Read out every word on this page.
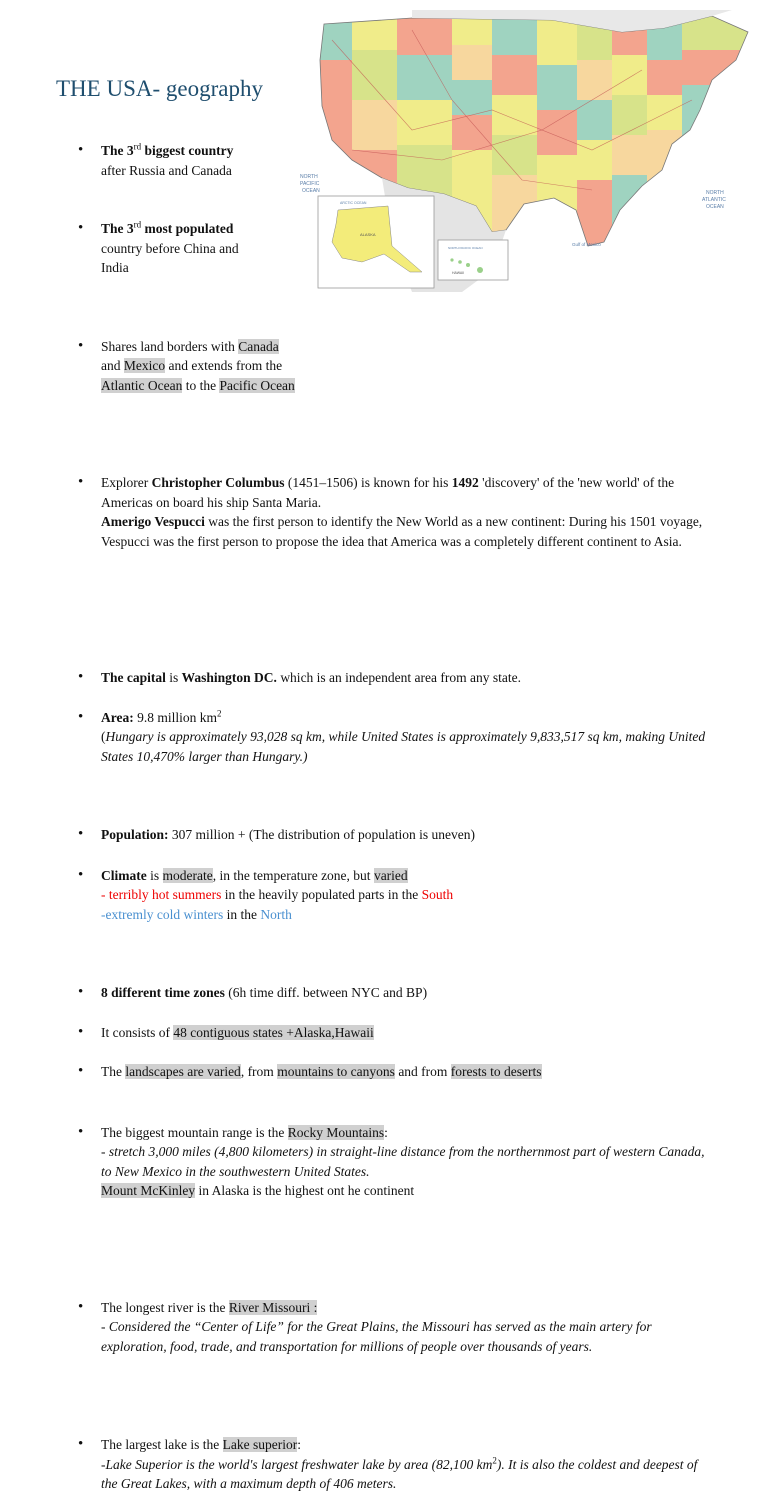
THE USA- geography
NORTH
PACIFIC
OCEAN	NORTH
ATLANTIC
OCEAN
Gulf of Mexico
ARCTIC OCEAN
ALASKA
NORTH PACIFIC OCEAN
HAWAII
• The 3rd biggest country
after Russia and Canada
• The 3rd most populated
country before China and
India
• Shares land borders with Canada
and Mexico and extends from the
Atlantic Ocean to the Pacific Ocean

• Explorer Christopher Columbus (1451–1506) is known for his 1492 'discovery' of the 'new world' of the Americas on board his ship Santa Maria.

Amerigo Vespucci was the first person to identify the New World as a new continent: During his 1501 voyage, Vespucci was the first person to propose the idea that America was a completely different continent to Asia.

• The capital is Washington DC. which is an independent area from any state.
• Area: 9.8 million $km^2$
(Hungary is approximately 93,028 sq km, while United States is approximately 9,833,517 sq km, making United States 10,470% larger than Hungary.)
• Population: 307 million + (The distribution of population is uneven)
• Climate is moderate, in the temperature zone, but varied
- terribly hot summers in the heavily populated parts in the South
-extremly cold winters in the North
• 8 different time zones (6h time diff. between NYC and BP)
• It consists of 48 contiguous states +Alaska,Hawaii
• The landscapes are varied, from mountains to canyons and from forests to deserts
• The biggest mountain range is the Rocky Mountains:
- stretch 3,000 miles (4,800 kilometers) in straight-line distance from the northernmost part of western Canada, to New Mexico in the southwestern United States.
Mount McKinley in Alaska is the highest ont he continent
• The longest river is the River Missouri :
- Considered the “Center of Life” for the Great Plains, the Missouri has served as the main artery for exploration, food, trade, and transportation for millions of people over thousands of years.
• The largest lake is the Lake superior:
-Lake Superior is the world's largest freshwater lake by area (82,100 $km^2$). It is also the coldest and deepest of the Great Lakes, with a maximum depth of 406 meters.
